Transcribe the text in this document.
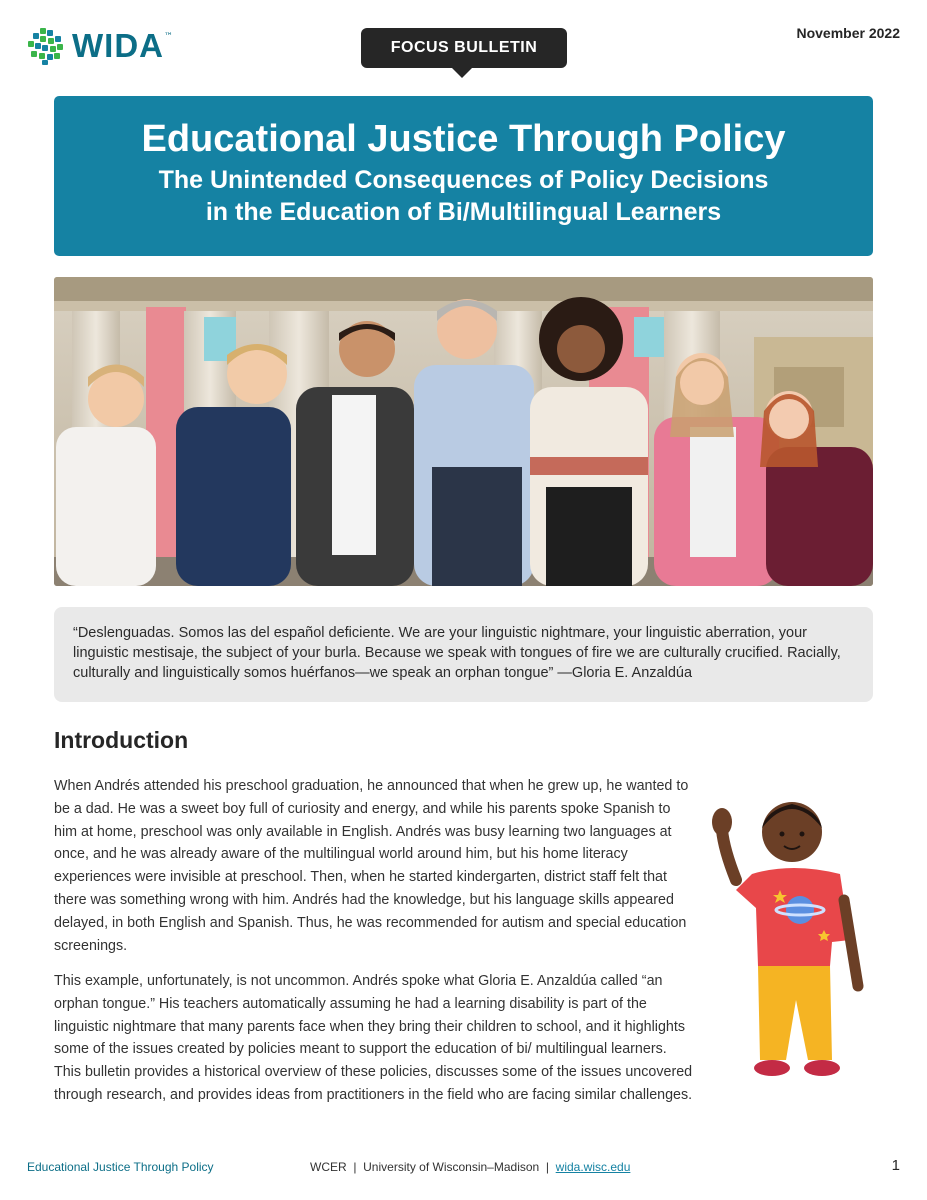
WIDA ™
FOCUS BULLETIN
November 2022
Educational Justice Through Policy
The Unintended Consequences of Policy Decisions
in the Education of Bi/Multilingual Learners
“Deslenguadas. Somos las del español deficiente. We are your linguistic nightmare, your linguistic aberration, your linguistic mestisaje, the subject of your burla. Because we speak with tongues of fire we are culturally crucified. Racially, culturally and linguistically somos huérfanos—we speak an orphan tongue” —Gloria E. Anzaldúa
Introduction

When Andrés attended his preschool graduation, he announced that when he grew up, he wanted to be a dad. He was a sweet boy full of curiosity and energy, and while his parents spoke Spanish to him at home, preschool was only available in English. Andrés was busy learning two languages at once, and he was already aware of the multilingual world around him, but his home literacy experiences were invisible at preschool. Then, when he started kindergarten, district staff felt that there was something wrong with him. Andrés had the knowledge, but his language skills appeared delayed, in both English and Spanish. Thus, he was recommended for autism and special education screenings.

This example, unfortunately, is not uncommon. Andrés spoke what Gloria E. Anzaldúa called “an orphan tongue.” His teachers automatically assuming he had a learning disability is part of the linguistic nightmare that many parents face when they bring their children to school, and it highlights some of the issues created by policies meant to support the education of bi/ multilingual learners. This bulletin provides a historical overview of these policies, discusses some of the issues uncovered through research, and provides ideas from practitioners in the field who are facing similar challenges.

Educational Justice Through Policy	WCER | University of Wisconsin–Madison | wida.wisc.edu	1
